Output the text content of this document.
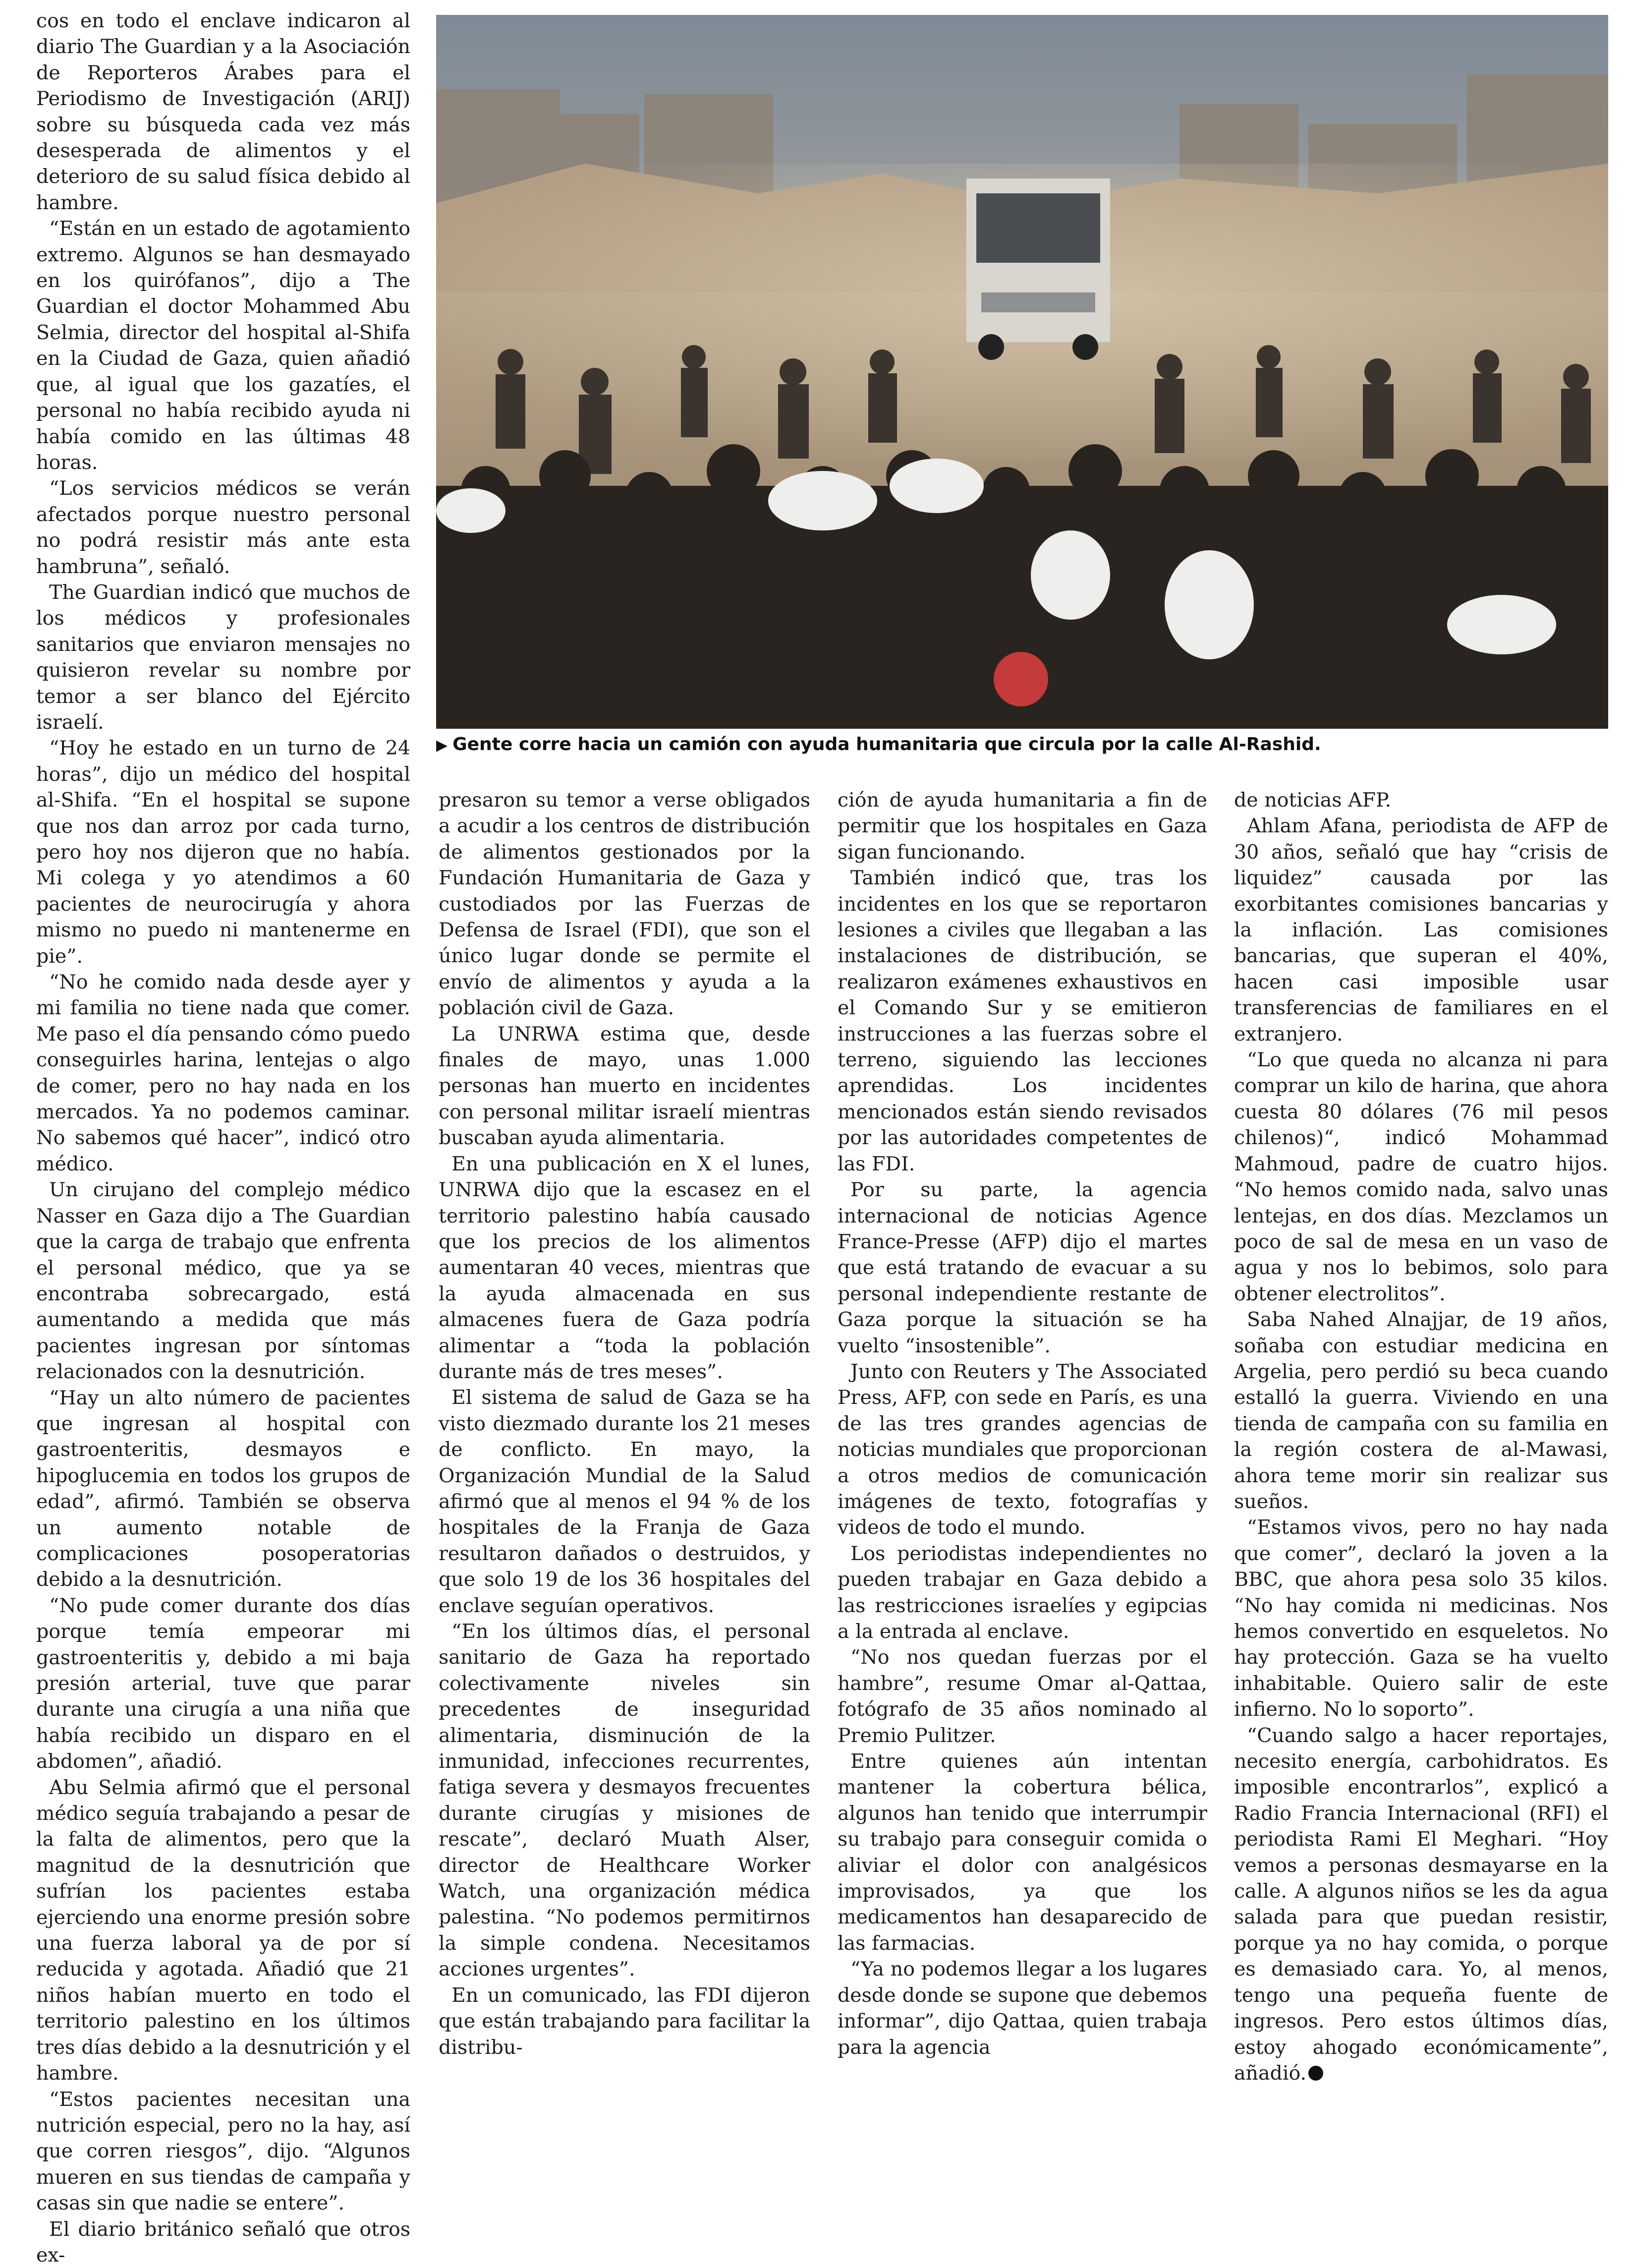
cos en todo el enclave indicaron al diario The Guardian y a la Asociación de Reporteros Árabes para el Periodismo de Investigación (ARIJ) sobre su búsqueda cada vez más desesperada de alimentos y el deterioro de su salud física debido al hambre.

“Están en un estado de agotamiento extremo. Algunos se han desmayado en los quirófanos”, dijo a The Guardian el doctor Mohammed Abu Selmia, director del hospital al-Shifa en la Ciudad de Gaza, quien añadió que, al igual que los gazatíes, el personal no había recibido ayuda ni había comido en las últimas 48 horas.

“Los servicios médicos se verán afectados porque nuestro personal no podrá resistir más ante esta hambruna”, señaló.

The Guardian indicó que muchos de los médicos y profesionales sanitarios que enviaron mensajes no quisieron revelar su nombre por temor a ser blanco del Ejército israelí.

“Hoy he estado en un turno de 24 horas”, dijo un médico del hospital al-Shifa. “En el hospital se supone que nos dan arroz por cada turno, pero hoy nos dijeron que no había. Mi colega y yo atendimos a 60 pacientes de neurocirugía y ahora mismo no puedo ni mantenerme en pie”.

“No he comido nada desde ayer y mi familia no tiene nada que comer. Me paso el día pensando cómo puedo conseguirles harina, lentejas o algo de comer, pero no hay nada en los mercados. Ya no podemos caminar. No sabemos qué hacer”, indicó otro médico.

Un cirujano del complejo médico Nasser en Gaza dijo a The Guardian que la carga de trabajo que enfrenta el personal médico, que ya se encontraba sobrecargado, está aumentando a medida que más pacientes ingresan por síntomas relacionados con la desnutrición.

“Hay un alto número de pacientes que ingresan al hospital con gastroenteritis, desmayos e hipoglucemia en todos los grupos de edad”, afirmó. También se observa un aumento notable de complicaciones posoperatorias debido a la desnutrición.

“No pude comer durante dos días porque temía empeorar mi gastroenteritis y, debido a mi baja presión arterial, tuve que parar durante una cirugía a una niña que había recibido un disparo en el abdomen”, añadió.

Abu Selmia afirmó que el personal médico seguía trabajando a pesar de la falta de alimentos, pero que la magnitud de la desnutrición que sufrían los pacientes estaba ejerciendo una enorme presión sobre una fuerza laboral ya de por sí reducida y agotada. Añadió que 21 niños habían muerto en todo el territorio palestino en los últimos tres días debido a la desnutrición y el hambre.

“Estos pacientes necesitan una nutrición especial, pero no la hay, así que corren riesgos”, dijo. “Algunos mueren en sus tiendas de campaña y casas sin que nadie se entere”.

El diario británico señaló que otros ex-

▶ Gente corre hacia un camión con ayuda humanitaria que circula por la calle Al-Rashid.

presaron su temor a verse obligados a acudir a los centros de distribución de alimentos gestionados por la Fundación Humanitaria de Gaza y custodiados por las Fuerzas de Defensa de Israel (FDI), que son el único lugar donde se permite el envío de alimentos y ayuda a la población civil de Gaza.

La UNRWA estima que, desde finales de mayo, unas 1.000 personas han muerto en incidentes con personal militar israelí mientras buscaban ayuda alimentaria.

En una publicación en X el lunes, UNRWA dijo que la escasez en el territorio palestino había causado que los precios de los alimentos aumentaran 40 veces, mientras que la ayuda almacenada en sus almacenes fuera de Gaza podría alimentar a “toda la población durante más de tres meses”.

El sistema de salud de Gaza se ha visto diezmado durante los 21 meses de conflicto. En mayo, la Organización Mundial de la Salud afirmó que al menos el 94 % de los hospitales de la Franja de Gaza resultaron dañados o destruidos, y que solo 19 de los 36 hospitales del enclave seguían operativos.

“En los últimos días, el personal sanitario de Gaza ha reportado colectivamente niveles sin precedentes de inseguridad alimentaria, disminución de la inmunidad, infecciones recurrentes, fatiga severa y desmayos frecuentes durante cirugías y misiones de rescate”, declaró Muath Alser, director de Healthcare Worker Watch, una organización médica palestina. “No podemos permitirnos la simple condena. Necesitamos acciones urgentes”.

En un comunicado, las FDI dijeron que están trabajando para facilitar la distribu-

ción de ayuda humanitaria a fin de permitir que los hospitales en Gaza sigan funcionando.

También indicó que, tras los incidentes en los que se reportaron lesiones a civiles que llegaban a las instalaciones de distribución, se realizaron exámenes exhaustivos en el Comando Sur y se emitieron instrucciones a las fuerzas sobre el terreno, siguiendo las lecciones aprendidas. Los incidentes mencionados están siendo revisados por las autoridades competentes de las FDI.

Por su parte, la agencia internacional de noticias Agence France-Presse (AFP) dijo el martes que está tratando de evacuar a su personal independiente restante de Gaza porque la situación se ha vuelto “insostenible”.

Junto con Reuters y The Associated Press, AFP, con sede en París, es una de las tres grandes agencias de noticias mundiales que proporcionan a otros medios de comunicación imágenes de texto, fotografías y videos de todo el mundo.

Los periodistas independientes no pueden trabajar en Gaza debido a las restricciones israelíes y egipcias a la entrada al enclave.

“No nos quedan fuerzas por el hambre”, resume Omar al-Qattaa, fotógrafo de 35 años nominado al Premio Pulitzer.

Entre quienes aún intentan mantener la cobertura bélica, algunos han tenido que interrumpir su trabajo para conseguir comida o aliviar el dolor con analgésicos improvisados, ya que los medicamentos han desaparecido de las farmacias.

“Ya no podemos llegar a los lugares desde donde se supone que debemos informar”, dijo Qattaa, quien trabaja para la agencia

de noticias AFP.

Ahlam Afana, periodista de AFP de 30 años, señaló que hay “crisis de liquidez” causada por las exorbitantes comisiones bancarias y la inflación. Las comisiones bancarias, que superan el 40%, hacen casi imposible usar transferencias de familiares en el extranjero.

“Lo que queda no alcanza ni para comprar un kilo de harina, que ahora cuesta 80 dólares (76 mil pesos chilenos)“, indicó Mohammad Mahmoud, padre de cuatro hijos. “No hemos comido nada, salvo unas lentejas, en dos días. Mezclamos un poco de sal de mesa en un vaso de agua y nos lo bebimos, solo para obtener electrolitos”.

Saba Nahed Alnajjar, de 19 años, soñaba con estudiar medicina en Argelia, pero perdió su beca cuando estalló la guerra. Viviendo en una tienda de campaña con su familia en la región costera de al-Mawasi, ahora teme morir sin realizar sus sueños.

“Estamos vivos, pero no hay nada que comer”, declaró la joven a la BBC, que ahora pesa solo 35 kilos. “No hay comida ni medicinas. Nos hemos convertido en esqueletos. No hay protección. Gaza se ha vuelto inhabitable. Quiero salir de este infierno. No lo soporto”.

“Cuando salgo a hacer reportajes, necesito energía, carbohidratos. Es imposible encontrarlos”, explicó a Radio Francia Internacional (RFI) el periodista Rami El Meghari. “Hoy vemos a personas desmayarse en la calle. A algunos niños se les da agua salada para que puedan resistir, porque ya no hay comida, o porque es demasiado cara. Yo, al menos, tengo una pequeña fuente de ingresos. Pero estos últimos días, estoy ahogado económicamente”, añadió.
